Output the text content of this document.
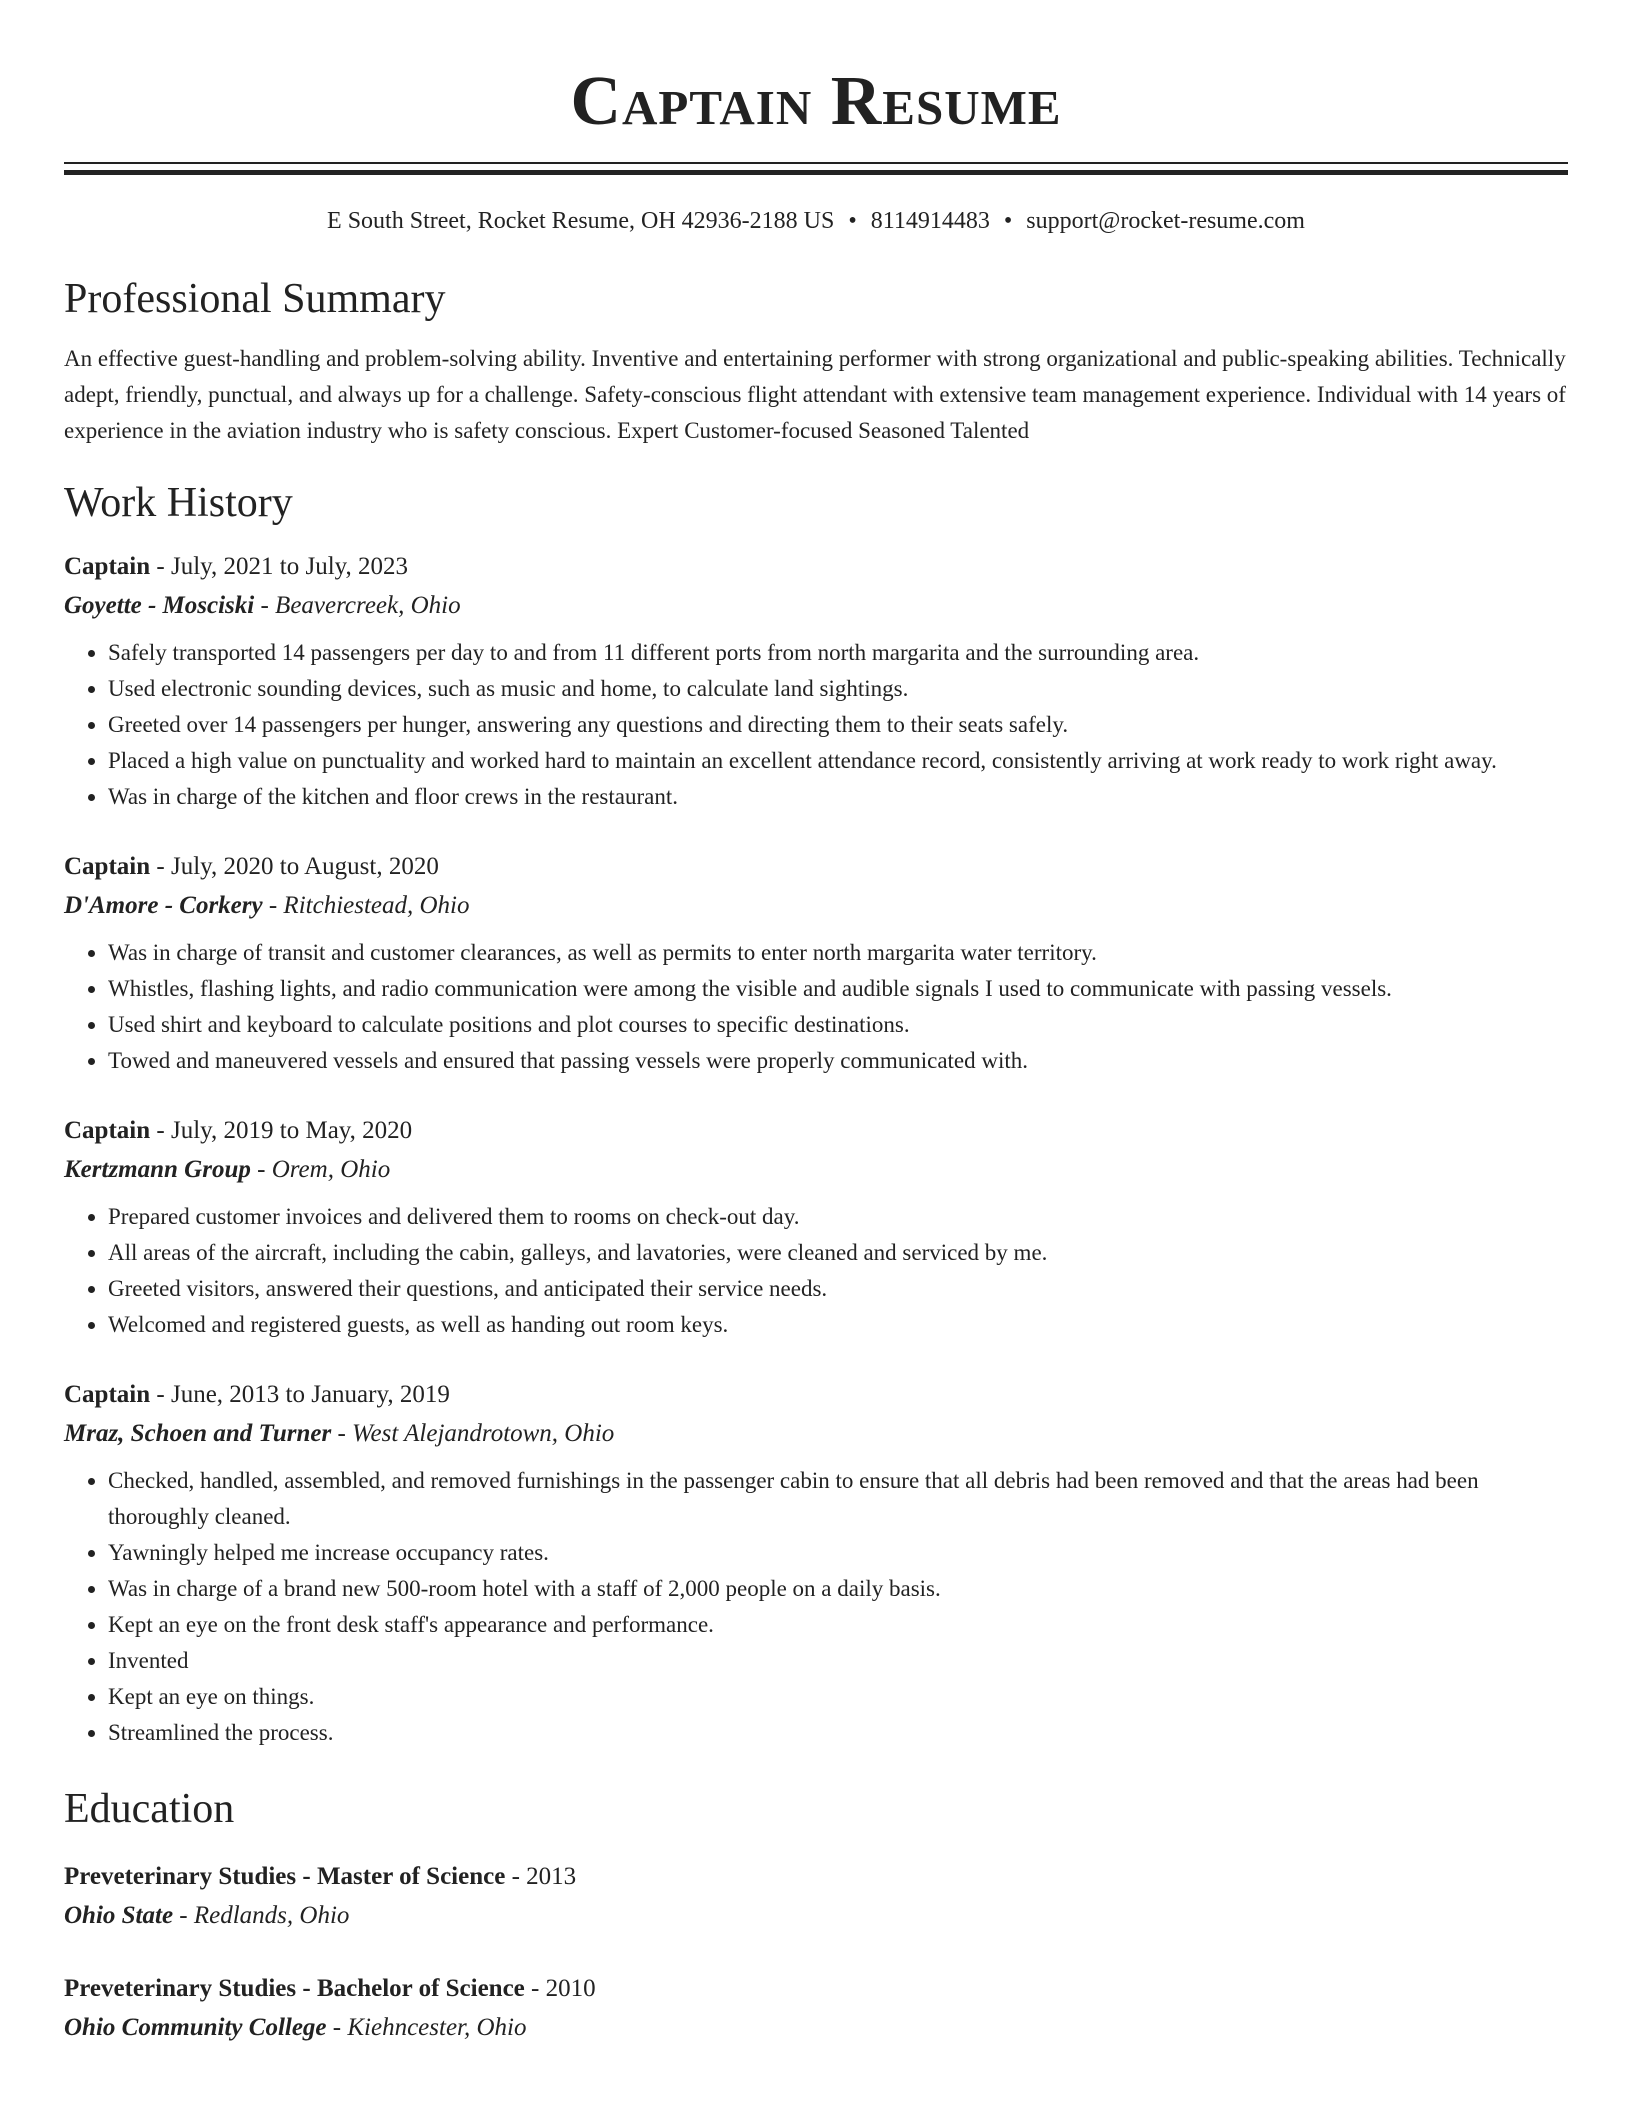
Captain Resume
E South Street, Rocket Resume, OH 42936-2188 US • 8114914483 • support@rocket-resume.com
Professional Summary

An effective guest-handling and problem-solving ability. Inventive and entertaining performer with strong organizational and public-speaking abilities. Technically adept, friendly, punctual, and always up for a challenge. Safety-conscious flight attendant with extensive team management experience. Individual with 14 years of experience in the aviation industry who is safety conscious. Expert Customer-focused Seasoned Talented

Work History
Captain - July, 2021 to July, 2023
Goyette - Mosciski - Beavercreek, Ohio
• Safely transported 14 passengers per day to and from 11 different ports from north margarita and the surrounding area.
• Used electronic sounding devices, such as music and home, to calculate land sightings.
• Greeted over 14 passengers per hunger, answering any questions and directing them to their seats safely.
• Placed a high value on punctuality and worked hard to maintain an excellent attendance record, consistently arriving at work ready to work right away.
• Was in charge of the kitchen and floor crews in the restaurant.
Captain - July, 2020 to August, 2020
D'Amore - Corkery - Ritchiestead, Ohio
• Was in charge of transit and customer clearances, as well as permits to enter north margarita water territory.
• Whistles, flashing lights, and radio communication were among the visible and audible signals I used to communicate with passing vessels.
• Used shirt and keyboard to calculate positions and plot courses to specific destinations.
• Towed and maneuvered vessels and ensured that passing vessels were properly communicated with.
Captain - July, 2019 to May, 2020
Kertzmann Group - Orem, Ohio
• Prepared customer invoices and delivered them to rooms on check-out day.
• All areas of the aircraft, including the cabin, galleys, and lavatories, were cleaned and serviced by me.
• Greeted visitors, answered their questions, and anticipated their service needs.
• Welcomed and registered guests, as well as handing out room keys.
Captain - June, 2013 to January, 2019
Mraz, Schoen and Turner - West Alejandrotown, Ohio
• Checked, handled, assembled, and removed furnishings in the passenger cabin to ensure that all debris had been removed and that the areas had been thoroughly cleaned.
• Yawningly helped me increase occupancy rates.
• Was in charge of a brand new 500-room hotel with a staff of 2,000 people on a daily basis.
• Kept an eye on the front desk staff's appearance and performance.
• Invented
• Kept an eye on things.
• Streamlined the process.
Education
Preveterinary Studies - Master of Science - 2013
Ohio State - Redlands, Ohio
Preveterinary Studies - Bachelor of Science - 2010
Ohio Community College - Kiehncester, Ohio
